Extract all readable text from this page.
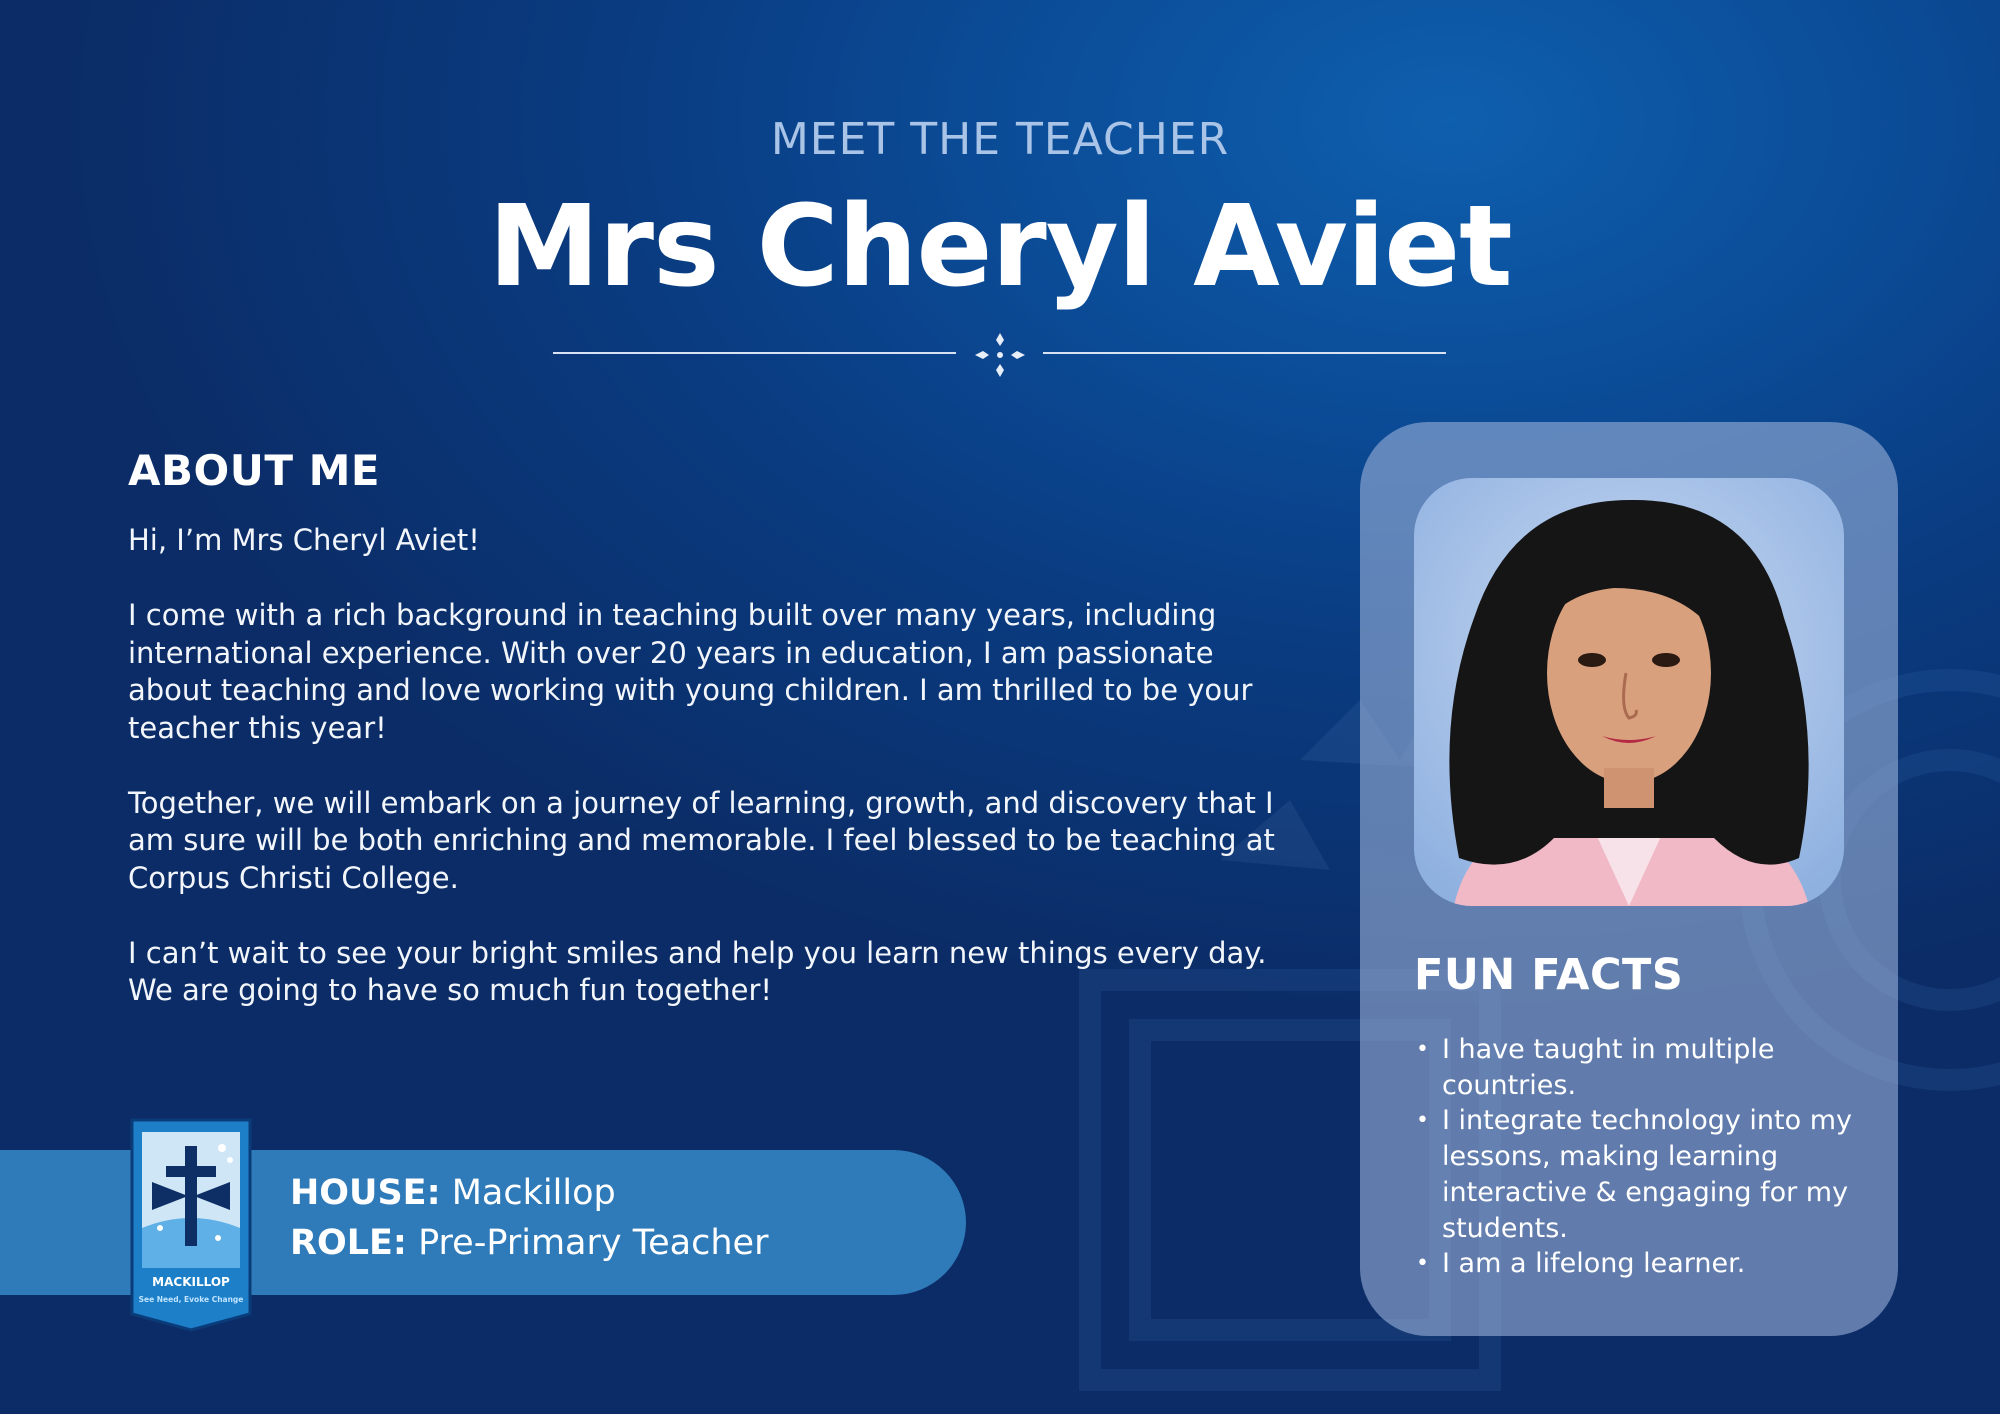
MEET THE TEACHER
Mrs Cheryl Aviet
ABOUT ME

Hi, I’m Mrs Cheryl Aviet!

I come with a rich background in teaching built over many years, including international experience. With over 20 years in education, I am passionate about teaching and love working with young children. I am thrilled to be your teacher this year!

Together, we will embark on a journey of learning, growth, and discovery that I am sure will be both enriching and memorable. I feel blessed to be teaching at Corpus Christi College.

I can’t wait to see your bright smiles and help you learn new things every day. We are going to have so much fun together!

HOUSE: Mackillop
ROLE: Pre-Primary Teacher
MACKILLOP
See Need, Evoke Change
FUN FACTS
• I have taught in multiple countries.
• I integrate technology into my lessons, making learning interactive & engaging for my students.
• I am a lifelong learner.
